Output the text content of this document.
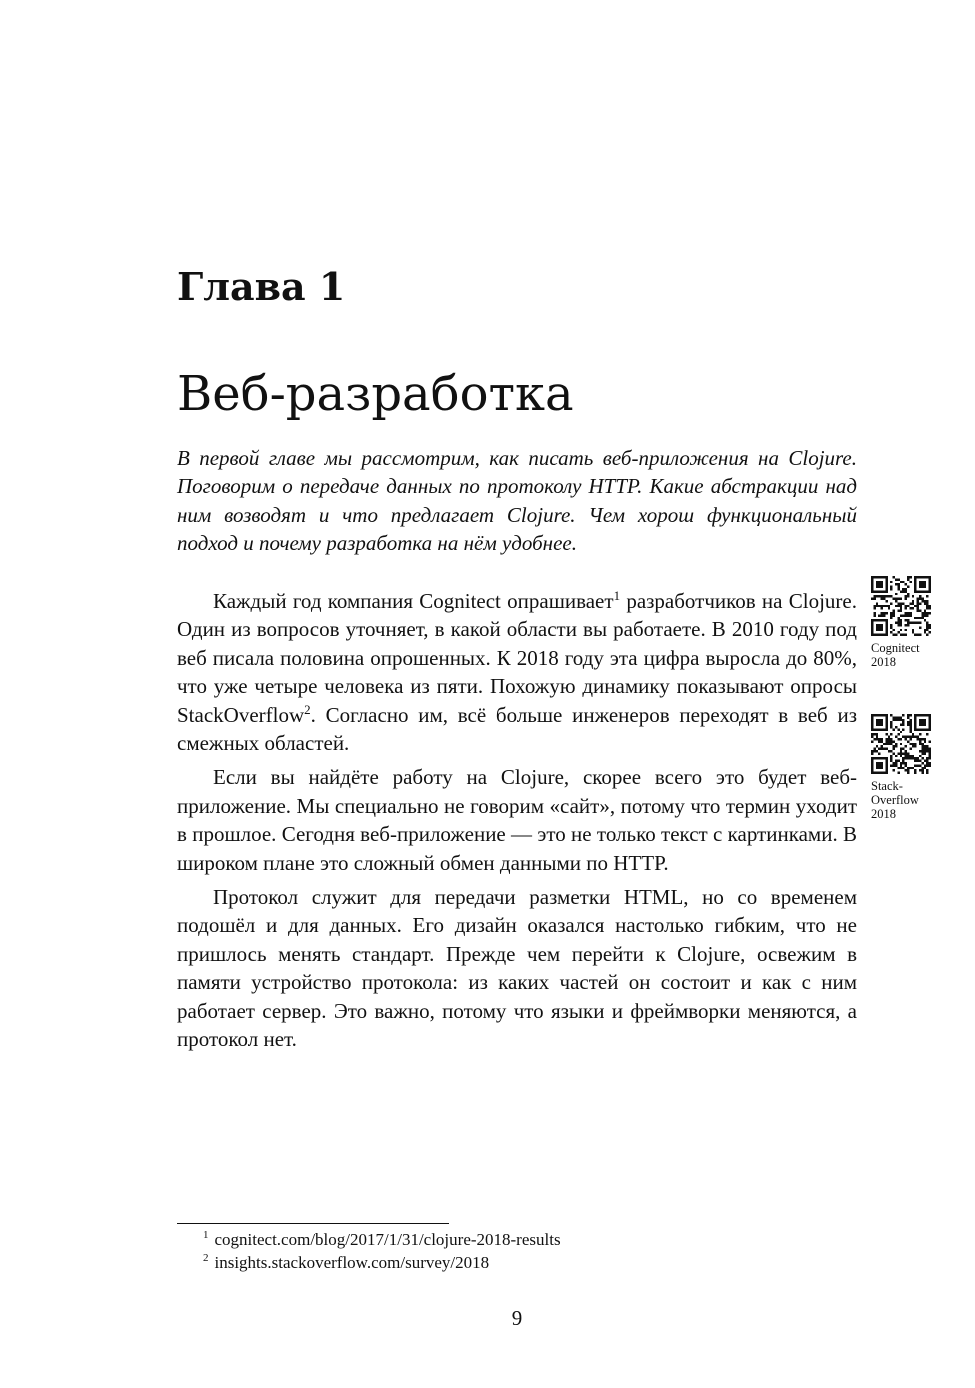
Глава 1
Веб-разработка
В первой главе мы рассмотрим, как писать веб-приложения на Clojure. Поговорим о передаче данных по протоколу HTTP. Какие абстракции над ним возводят и что предлагает Clojure. Чем хорош функциональный подход и почему разработка на нём удобнее.

Каждый год компания Cognitect опрашивает$^1$ разработчиков на Clojure. Один из вопросов уточняет, в какой области вы работаете. В 2010 году под веб писала половина опрошенных. К 2018 году эта цифра выросла до 80%, что уже четыре человека из пяти. Похожую динамику показывают опросы StackOverflow$^2$. Согласно им, всё больше инженеров переходят в веб из смежных областей.

Если вы найдёте работу на Clojure, скорее всего это будет веб-приложение. Мы специально не говорим «сайт», потому что термин уходит в прошлое. Сегодня веб-приложение — это не только текст с картинками. В широком плане это сложный обмен данными по HTTP.

Протокол служит для передачи разметки HTML, но со временем подошёл и для данных. Его дизайн оказался настолько гибким, что не пришлось менять стандарт. Прежде чем перейти к Clojure, освежим в памяти устройство протокола: из каких частей он состоит и как с ним работает сервер. Это важно, потому что языки и фреймворки меняются, а протокол нет.

Cognitect
2018
Stack-
Overflow
2018
$^1$ cognitect.com/blog/2017/1/31/clojure-2018-results
$^2$ insights.stackoverflow.com/survey/2018
9
